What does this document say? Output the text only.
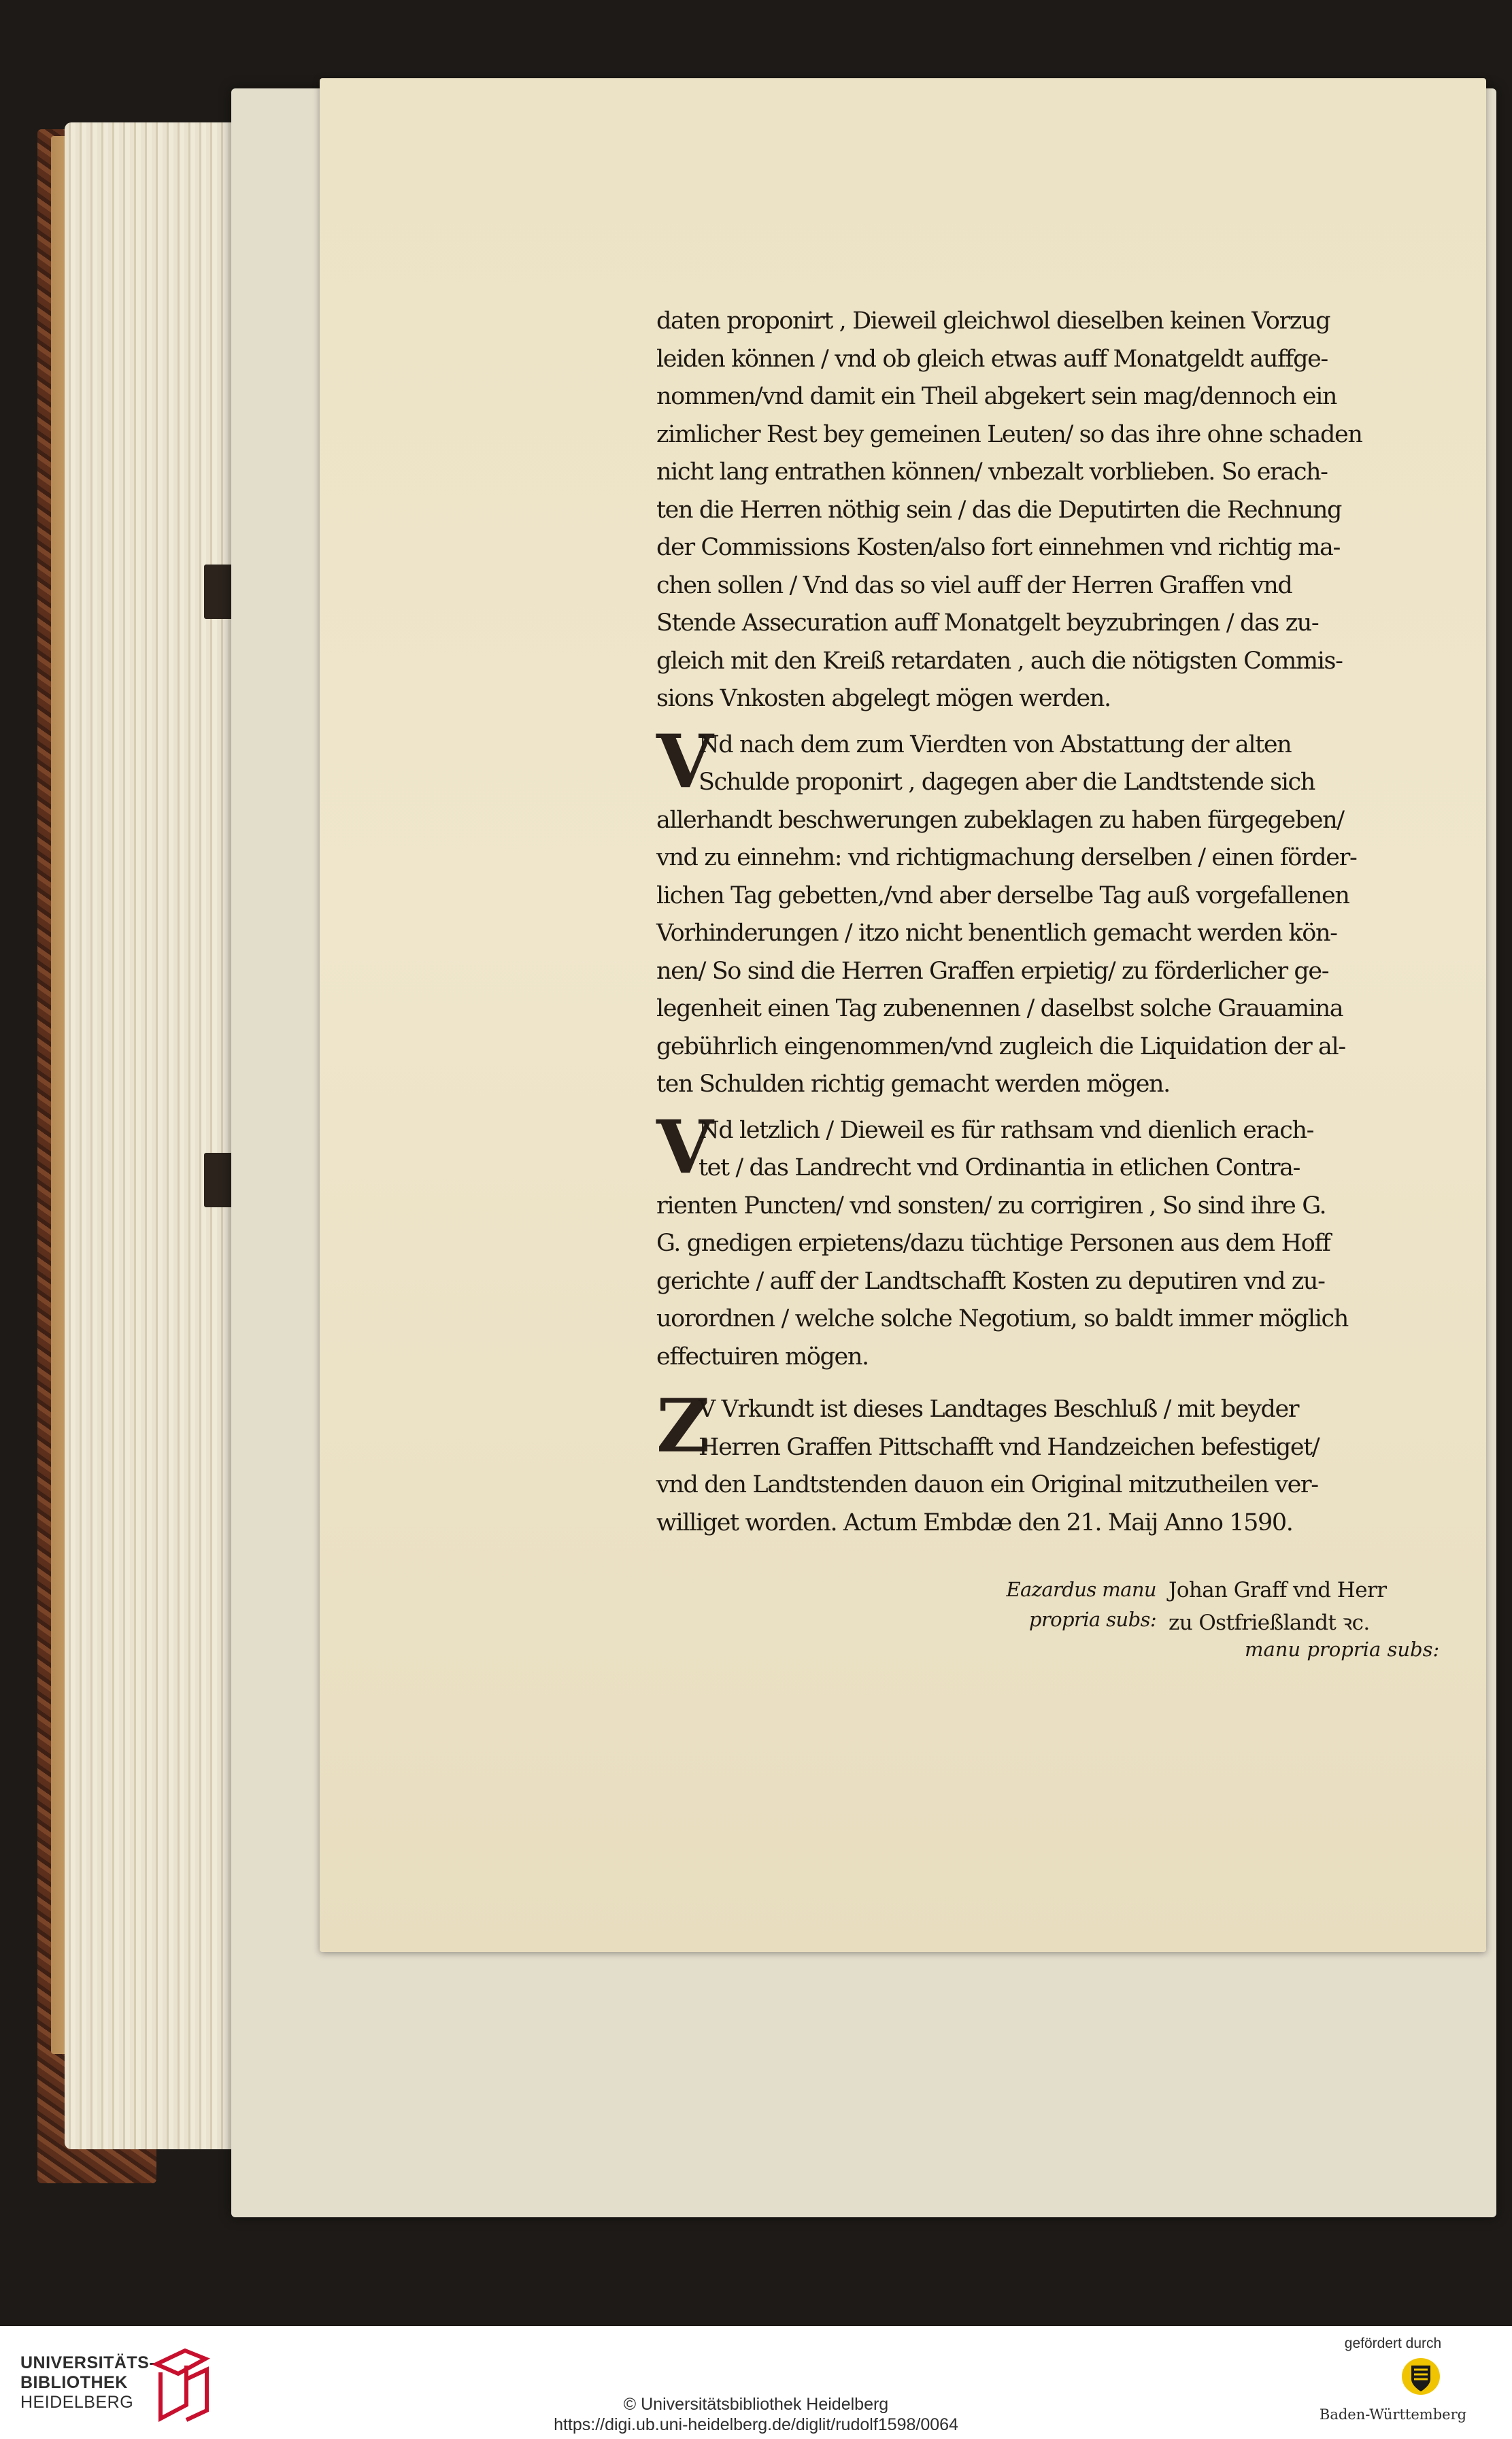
daten proponirt , Dieweil gleichwol dieselben keinen Vorzug
leiden können / vnd ob gleich etwas auff Monatgeldt auffge-
nommen/vnd damit ein Theil abgekert sein mag/dennoch ein
zimlicher Rest bey gemeinen Leuten/ so das ihre ohne schaden
nicht lang entrathen können/ vnbezalt vorblieben. So erach-
ten die Herren nöthig sein / das die Deputirten die Rechnung
der Commissions Kosten/also fort einnehmen vnd richtig ma-
chen sollen / Vnd das so viel auff der Herren Graffen vnd
Stende Assecuration auff Monatgelt beyzubringen / das zu-
gleich mit den Kreiß retardaten , auch die nötigsten Commis-
sions Vnkosten abgelegt mögen werden.
V
Nd nach dem zum Vierdten von Abstattung der alten
Schulde proponirt , dagegen aber die Landtstende sich
allerhandt beschwerungen zubeklagen zu haben fürgegeben/
vnd zu einnehm: vnd richtigmachung derselben / einen förder-
lichen Tag gebetten,/vnd aber derselbe Tag auß vorgefallenen
Vorhinderungen / itzo nicht benentlich gemacht werden kön-
nen/ So sind die Herren Graffen erpietig/ zu förderlicher ge-
legenheit einen Tag zubenennen / daselbst solche Grauamina
gebührlich eingenommen/vnd zugleich die Liquidation der al-
ten Schulden richtig gemacht werden mögen.
V
Nd letzlich / Dieweil es für rathsam vnd dienlich erach-
tet / das Landrecht vnd Ordinantia in etlichen Contra-
rienten Puncten/ vnd sonsten/ zu corrigiren , So sind ihre G.
G. gnedigen erpietens/dazu tüchtige Personen aus dem Hoff
gerichte / auff der Landtschafft Kosten zu deputiren vnd zu-
uorordnen / welche solche Negotium, so baldt immer möglich
effectuiren mögen.
Z
V Vrkundt ist dieses Landtages Beschluß / mit beyder
Herren Graffen Pittschafft vnd Handzeichen befestiget/
vnd den Landtstenden dauon ein Original mitzutheilen ver-
williget worden. Actum Embdæ den 21. Maij Anno 1590.
Eazardus manu Johan Graff vnd Herr
propria subs: zu Ostfrießlandt ꝛc.
manu propria subs:
UNIVERSITÄTS-
BIBLIOTHEK
HEIDELBERG	© Universitätsbibliothek Heidelberg
https://digi.ub.uni-heidelberg.de/diglit/rudolf1598/0064
gefördert durch
Baden-Württemberg
